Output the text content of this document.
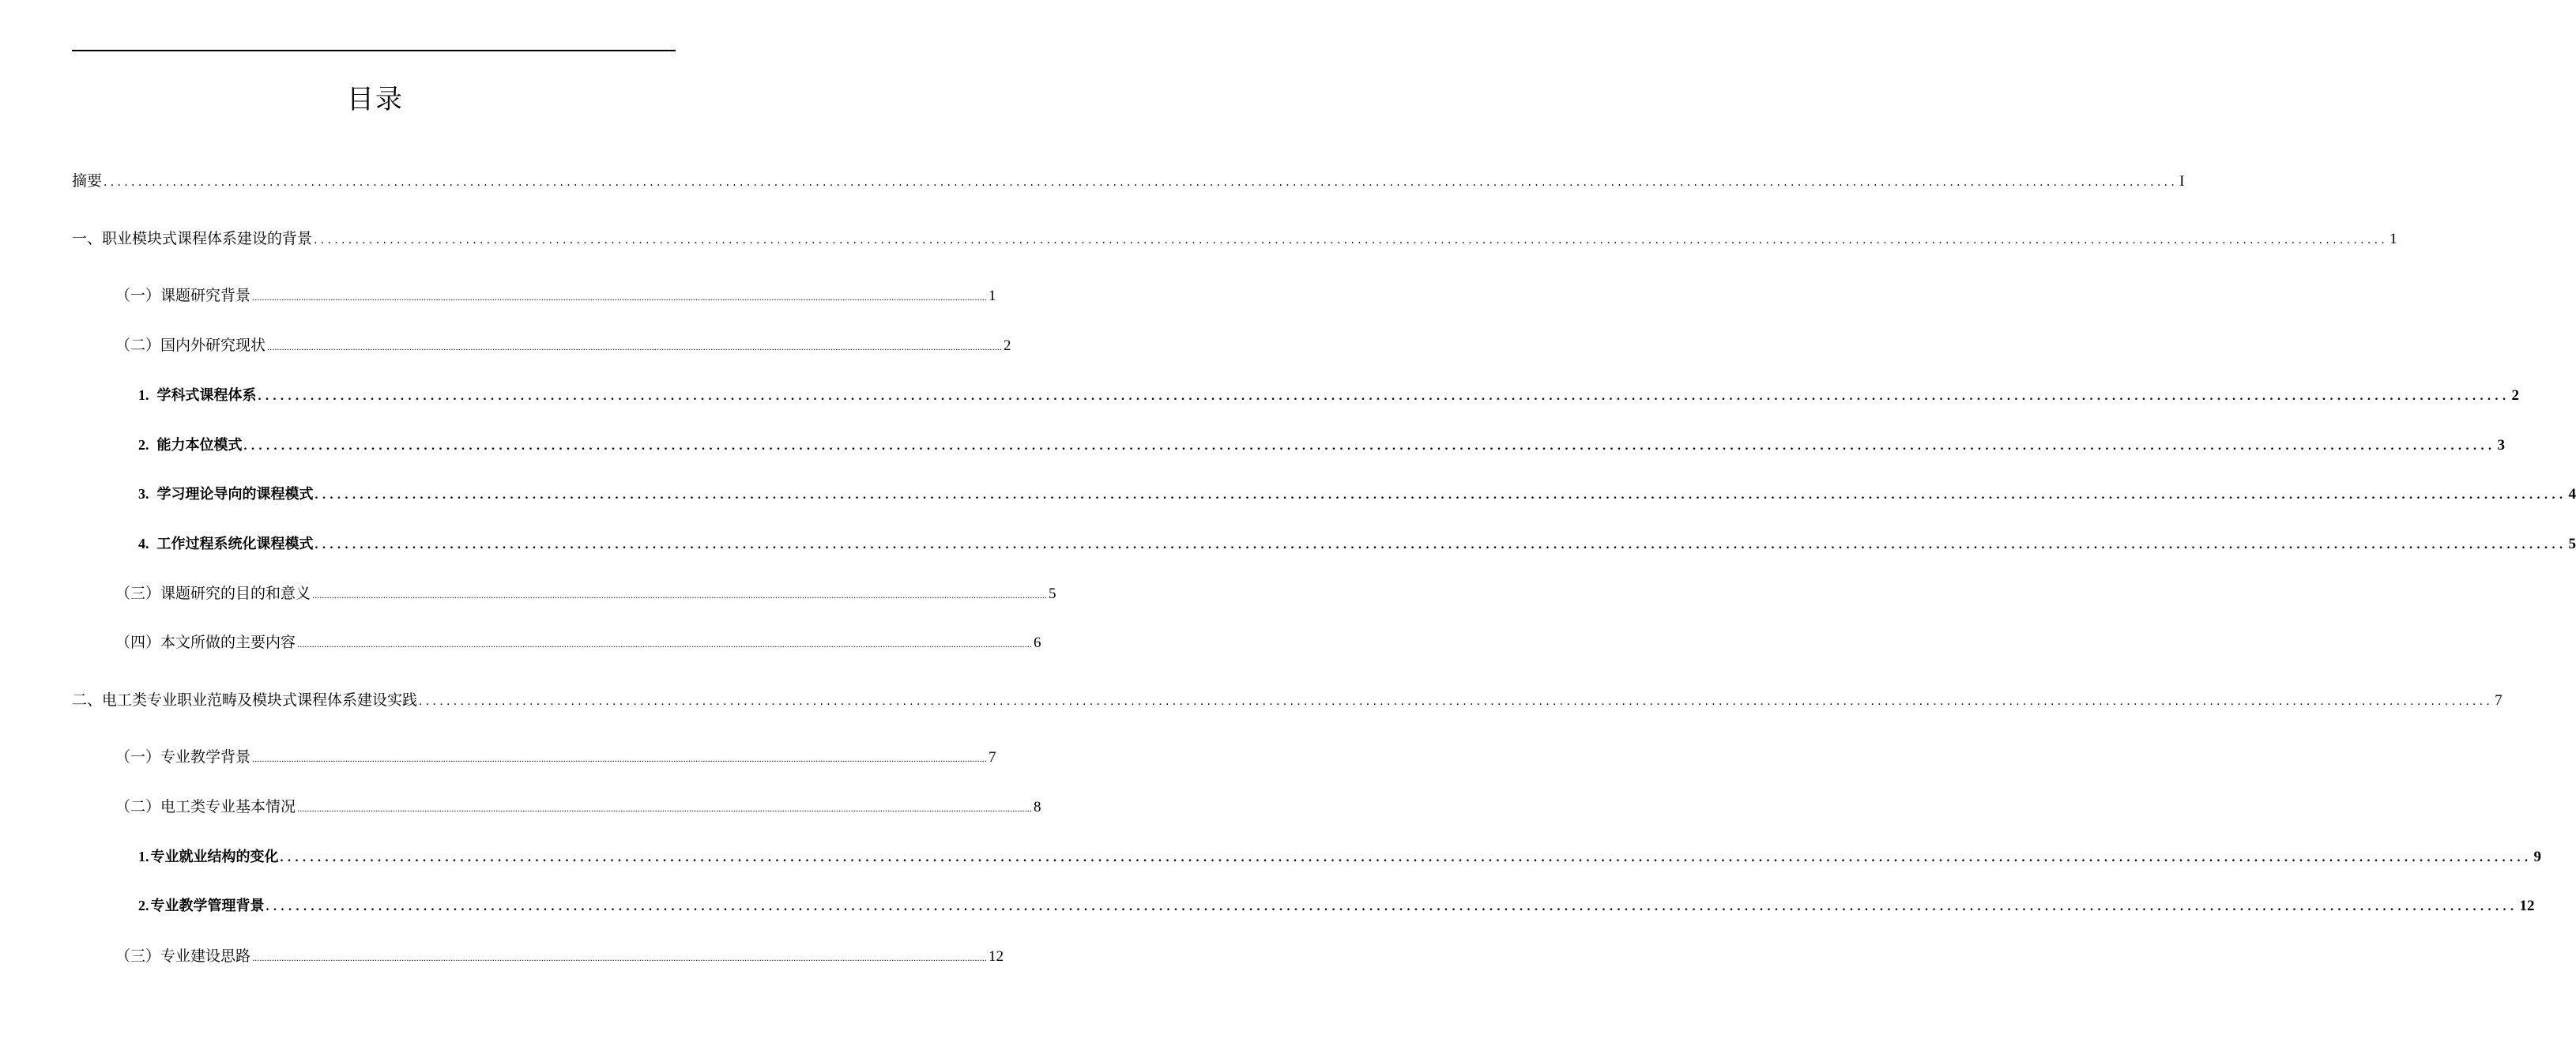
目录
摘要 ............................................................................................................................................................................................................................................................................................................ I
一、职业模块式课程体系建设的背景 ............................................................................................................................................................................................................................................................................................................ 1
（一）课题研究背景 ............................................................................................................................................................................................................................................................................................................ 1
（二）国内外研究现状 ............................................................................................................................................................................................................................................................................................................ 2
1. 学科式课程体系 ............................................................................................................................................................................................................................................................................................................ 2
2. 能力本位模式 ............................................................................................................................................................................................................................................................................................................ 3
3. 学习理论导向的课程模式 ............................................................................................................................................................................................................................................................................................................ 4
4. 工作过程系统化课程模式 ............................................................................................................................................................................................................................................................................................................ 5
（三）课题研究的目的和意义 ............................................................................................................................................................................................................................................................................................................ 5
（四）本文所做的主要内容 ............................................................................................................................................................................................................................................................................................................ 6
二、电工类专业职业范畴及模块式课程体系建设实践 ............................................................................................................................................................................................................................................................................................................ 7
（一）专业教学背景 ............................................................................................................................................................................................................................................................................................................ 7
（二）电工类专业基本情况 ............................................................................................................................................................................................................................................................................................................ 8
1. 专业就业结构的变化 ............................................................................................................................................................................................................................................................................................................ 9
2. 专业教学管理背景 ............................................................................................................................................................................................................................................................................................................ 12
（三）专业建设思路 ............................................................................................................................................................................................................................................................................................................ 12
